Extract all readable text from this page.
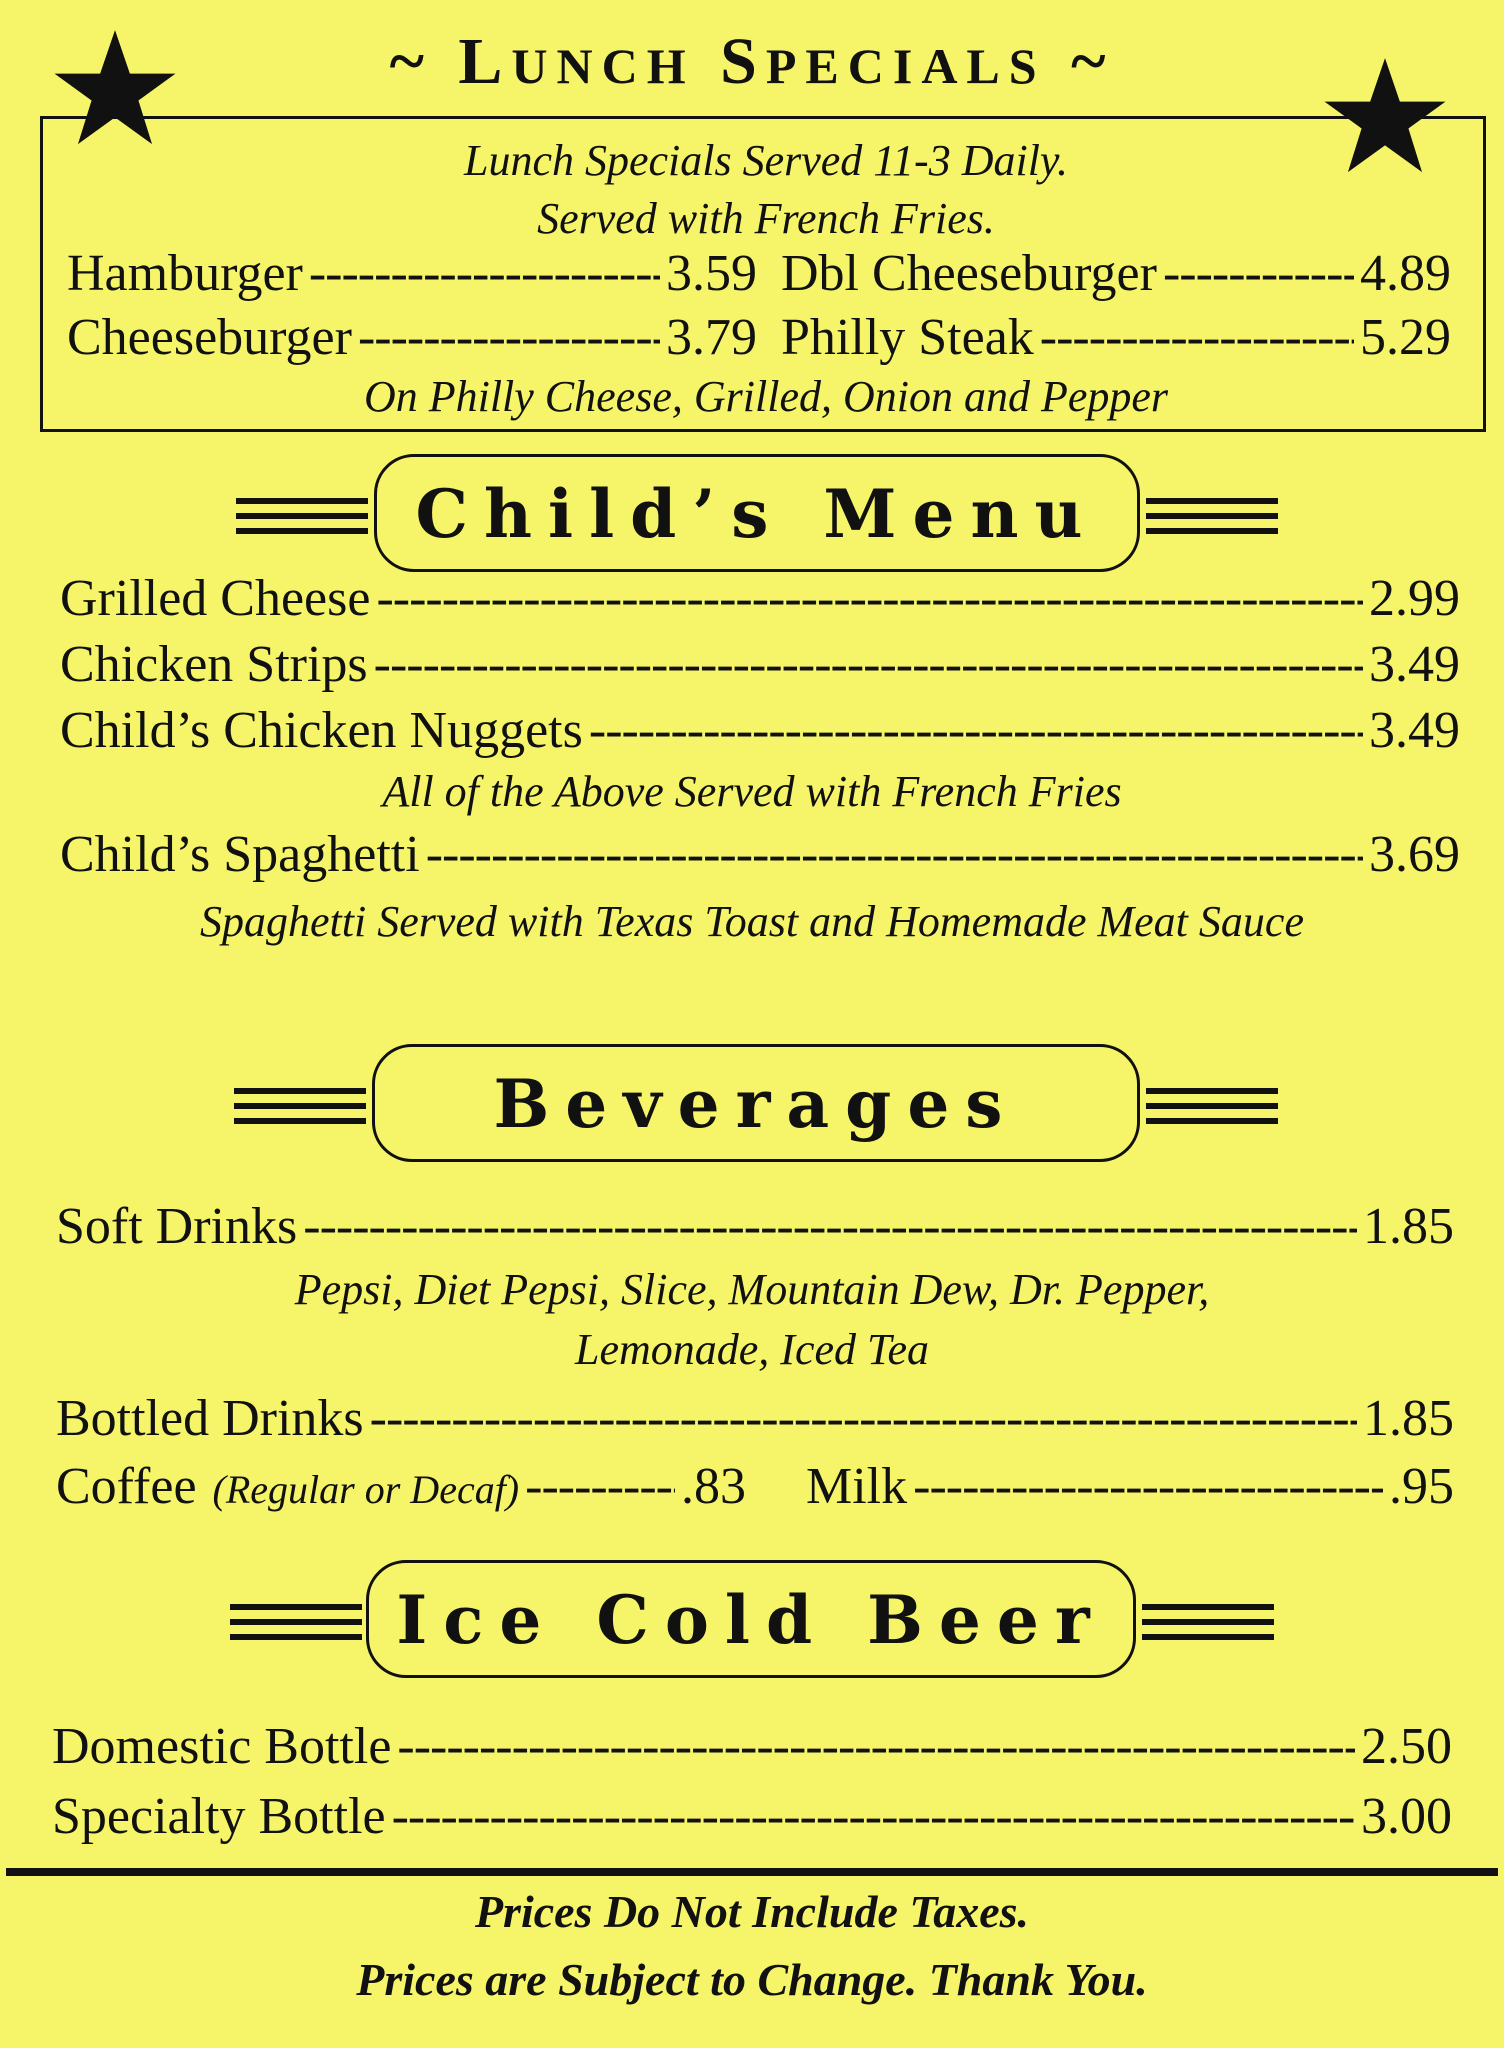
~ LUNCH SPECIALS ~
Lunch Specials Served 11-3 Daily.
Served with French Fries.
Hamburger -----	3.59
Cheeseburger -----	3.79
Dbl Cheeseburger -----	4.89
Philly Steak -----	5.29
On Philly Cheese, Grilled, Onion and Pepper
Child’s Menu
Grilled Cheese -----	2.99
Chicken Strips -----	3.49
Child’s Chicken Nuggets -----	3.49
All of the Above Served with French Fries
Child’s Spaghetti -----	3.69
Spaghetti Served with Texas Toast and Homemade Meat Sauce
Beverages
Soft Drinks -----	1.85
Pepsi, Diet Pepsi, Slice, Mountain Dew, Dr. Pepper,
Lemonade, Iced Tea
Bottled Drinks -----	1.85
Coffee (Regular or Decaf) -----	.83 Milk -----	.95
Ice Cold Beer
Domestic Bottle -----	2.50
Specialty Bottle -----	3.00
Prices Do Not Include Taxes.
Prices are Subject to Change. Thank You.
